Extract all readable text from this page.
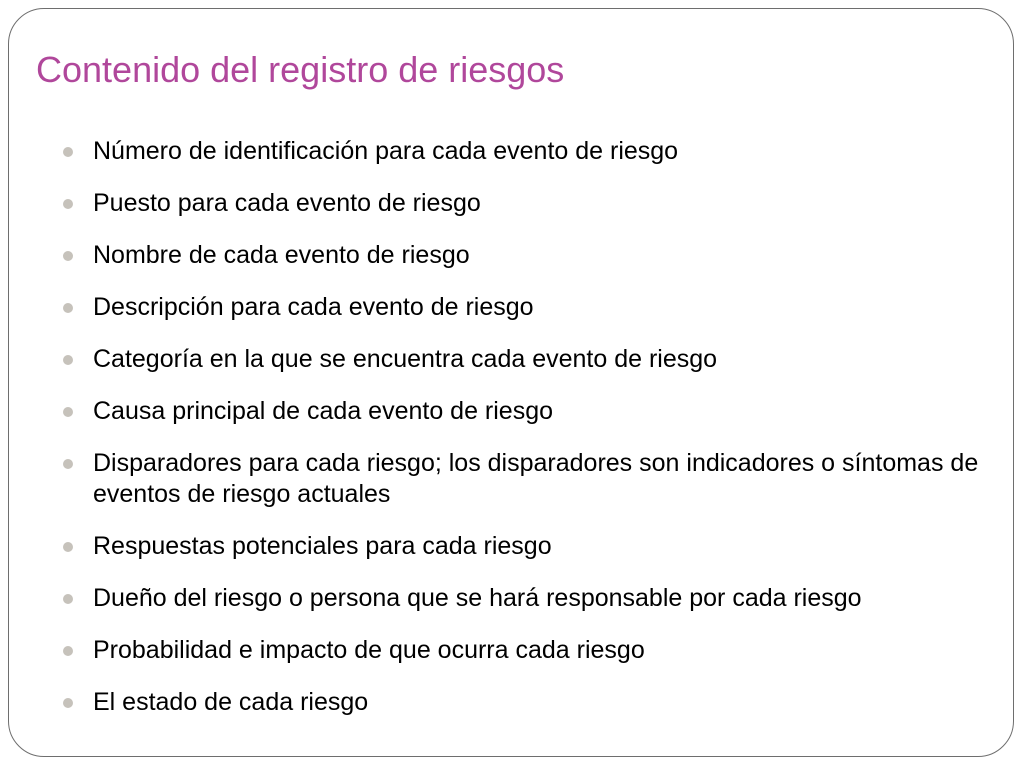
Contenido del registro de riesgos
Número de identificación para cada evento de riesgo
Puesto para cada evento de riesgo
Nombre de cada evento de riesgo
Descripción para cada evento de riesgo
Categoría en la que se encuentra cada evento de riesgo
Causa principal de cada evento de riesgo
Disparadores para cada riesgo; los disparadores son indicadores o síntomas de eventos de riesgo actuales
Respuestas potenciales para cada riesgo
Dueño del riesgo o persona que se hará responsable por cada riesgo
Probabilidad e impacto de que ocurra cada riesgo
El estado de cada riesgo
